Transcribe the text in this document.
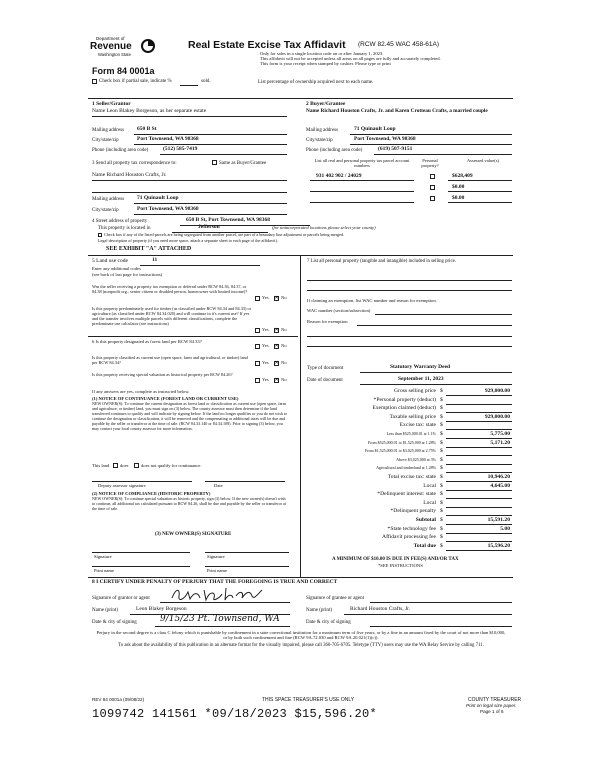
Department of
Revenue
Washington State
Real Estate Excise Tax Affidavit (RCW 82.45 WAC 458-61A)
Only for sales in a single location code on or after January 1, 2023.
This affidavit will not be accepted unless all areas on all pages are fully and accurately completed.
This form is your receipt when stamped by cashier. Please type or print
Form 84 0001a
Check box if partial sale, indicate %	sold.	List percentage of ownership acquired next to each name.
1 Seller/Grantor
Name Leon Blakey Borgeson, as her separate estate
Mailing address 650 B St
City/state/zip	Port Townsend, WA 98368
Phone (including area code)	(512) 585-7419
2 Buyer/Grantee
Name Richard Houston Crafts, Jr. and Karen Crotteau Crafts, a married couple
Mailing address	71 Quinault Loop
City/state/zip	Port Townsend, WA 98368
Phone (including area code)	(619) 507-9151
3 Send all property tax correspondence to:	Same as Buyer/Grantee
Name Richard Houston Crafts, Jr.
Mailing address 71 Quinault Loop
City/state/zip	Port Townsend, WA 98368
List all real and personal property tax parcel account numbers
Personal property?
Assessed value(s)
931 402 902 / 24029	$628,409
$0.00
$0.00
4 Street address of property	650 B St, Port Townsend, WA 98368
This property is located in	Jefferson	(for unincorporated locations please select your county)
Check box if any of the listed parcels are being segregated from another parcel, are part of a boundary line adjustment or parcels being merged.
Legal description of property (if you need more space, attach a separate sheet to each page of the affidavit).
SEE EXHIBIT "A" ATTACHED
5 Land use code	11
Enter any additional codes
(see back of last page for instructions)
Was the seller receiving a property tax exemption or deferral under RCW 84.36, 84.37, or 84.38 (nonprofit org., senior citizen or disabled person, homeowner with limited income)?
Yes ✕	No
Is this property predominately used for timber (as classified under RCW 84.34 and 84.33) or agriculture (as classified under RCW 84.34.020) and will continue in it's current use? If yes and the transfer involves multiple parcels with different classifications, complete the predominate use calculator (see instructions)
Yes ✕	No
6 Is this property designated as forest land per RCW 84.33?
Yes ✕	No
Is this property classified as current use (open space, farm and agricultural, or timber) land per RCW 84.34?	Yes ✕	No
Is this property receiving special valuation as historical property per RCW 84.26?
Yes ✕	No
If any answers are yes, complete as instructed below.
(1) NOTICE OF CONTINUANCE (FOREST LAND OR CURRENT USE)
NEW OWNER(S): To continue the current designation as forest land or classification as current use (open space, farm and agriculture, or timber) land, you must sign on (3) below. The county assessor must then determine if the land transferred continues to qualify and will indicate by signing below. If the land no longer qualifies or you do not wish to continue the designation or classification, it will be removed and the compensating or additional taxes will be due and payable by the seller or transferor at the time of sale. (RCW 84.33.140 or 84.34.108). Prior to signing (3) below, you may contact your local county assessor for more information.
This land does	does not qualify for continuance.
Deputy assessor signature	Date
(2) NOTICE OF COMPLIANCE (HISTORIC PROPERTY)
NEW OWNER(S): To continue special valuation as historic property, sign (3) below. If the new owner(s) doesn't wish to continue, all additional tax calculated pursuant to RCW 84.26, shall be due and payable by the seller or transferor at the time of sale.
(3) NEW OWNER(S) SIGNATURE
Signature	Signature
Print name	Print name
7 List all personal property (tangible and intangible) included in selling price.
If claiming an exemption, list WAC number and reason for exemption.
WAC number (section/subsection)
Reason for exemption
Type of document	Statutory Warranty Deed
Date of document	September 11, 2023
Gross selling price $	929,000.00
*Personal property (deduct) $
Exemption claimed (deduct) $
Taxable selling price $	929,000.00
Excise tax: state $
Less than $525,000.01 at 1.1% $	5,775.00
From $525,000.01 to $1,525,000 at 1.28% $	5,171.20
From $1,525,000.01 to $3,025,000 at 2.75% $
Above $3,025,000 at 3% $
Agricultural and timberland at 1.28% $
Total excise tax: state $	10,946.20
Local $	4,645.00
*Delinquent interest: state $
Local $
*Delinquent penalty $
Subtotal $	15,591.20
*State technology fee $	5.00
Affidavit processing fee $
Total due $	15,596.20
A MINIMUM OF $10.00 IS DUE IN FEE(S) AND/OR TAX
*SEE INSTRUCTIONS
8 I CERTIFY UNDER PENALTY OF PERJURY THAT THE FOREGOING IS TRUE AND CORRECT
Signature of grantor or agent	Signature of grantee or agent
Name (print)	Leon Blakey Borgeson	Name (print)	Richard Houston Crafts, Jr.
Date & city of signing	9/15/23 Pt. Townsend, WA	Date & city of signing
Perjury in the second degree is a class C felony which is punishable by confinement in a state correctional institution for a maximum term of five years, or by a fine in an amount fixed by the court of not more than $10,000, or by both such confinement and fine (RCW 9A.72.030 and RCW 9A.20.021(1)(c)).
To ask about the availability of this publication in an alternate format for the visually impaired, please call 360-705-6705. Teletype (TTY) users may use the WA Relay Service by calling 711.
REV 84 0001a (09/08/22)	THIS SPACE TREASURER'S USE ONLY	COUNTY TREASURER
Print on legal size paper.
Page 1 of 6
1099742 141561 *09/18/2023 $15,596.20*
